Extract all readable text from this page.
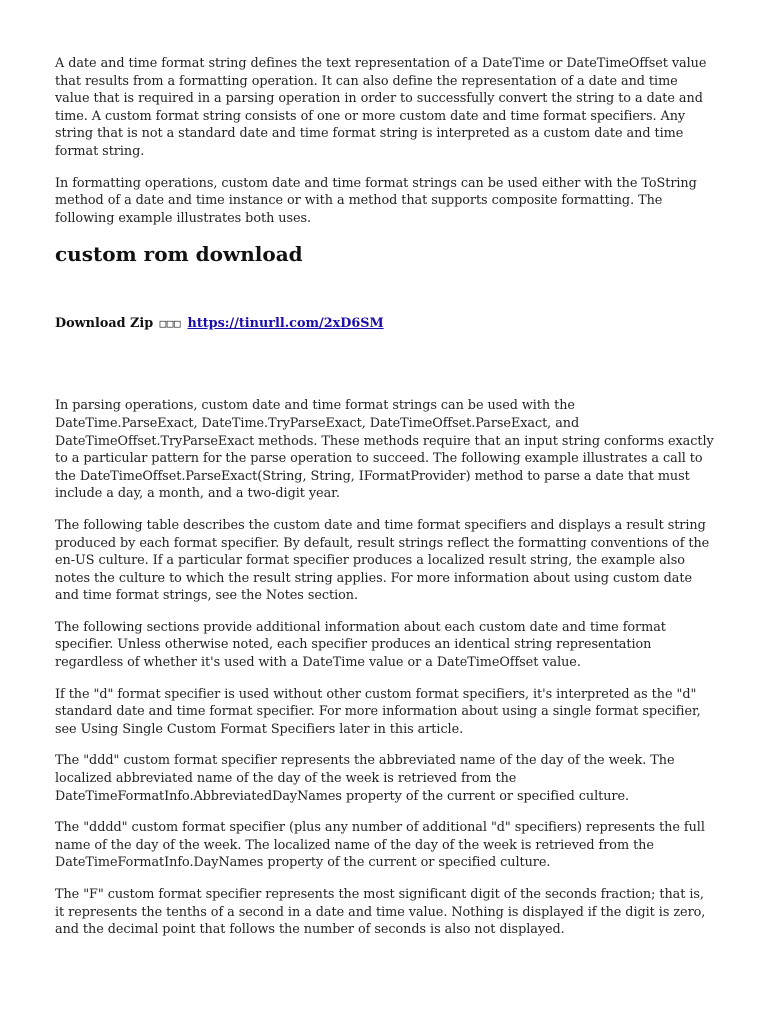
A date and time format string defines the text representation of a DateTime or DateTimeOffset value that results from a formatting operation. It can also define the representation of a date and time value that is required in a parsing operation in order to successfully convert the string to a date and time. A custom format string consists of one or more custom date and time format specifiers. Any string that is not a standard date and time format string is interpreted as a custom date and time format string.

In formatting operations, custom date and time format strings can be used either with the ToString method of a date and time instance or with a method that supports composite formatting. The following example illustrates both uses.

custom rom download
Download Zip □□□ https://tinurll.com/2xD6SM

In parsing operations, custom date and time format strings can be used with the DateTime.ParseExact, DateTime.TryParseExact, DateTimeOffset.ParseExact, and DateTimeOffset.TryParseExact methods. These methods require that an input string conforms exactly to a particular pattern for the parse operation to succeed. The following example illustrates a call to the DateTimeOffset.ParseExact(String, String, IFormatProvider) method to parse a date that must include a day, a month, and a two-digit year.

The following table describes the custom date and time format specifiers and displays a result string produced by each format specifier. By default, result strings reflect the formatting conventions of the en-US culture. If a particular format specifier produces a localized result string, the example also notes the culture to which the result string applies. For more information about using custom date and time format strings, see the Notes section.

The following sections provide additional information about each custom date and time format specifier. Unless otherwise noted, each specifier produces an identical string representation regardless of whether it's used with a DateTime value or a DateTimeOffset value.

If the "d" format specifier is used without other custom format specifiers, it's interpreted as the "d" standard date and time format specifier. For more information about using a single format specifier, see Using Single Custom Format Specifiers later in this article.

The "ddd" custom format specifier represents the abbreviated name of the day of the week. The localized abbreviated name of the day of the week is retrieved from the DateTimeFormatInfo.AbbreviatedDayNames property of the current or specified culture.

The "dddd" custom format specifier (plus any number of additional "d" specifiers) represents the full name of the day of the week. The localized name of the day of the week is retrieved from the DateTimeFormatInfo.DayNames property of the current or specified culture.

The "F" custom format specifier represents the most significant digit of the seconds fraction; that is, it represents the tenths of a second in a date and time value. Nothing is displayed if the digit is zero, and the decimal point that follows the number of seconds is also not displayed.
